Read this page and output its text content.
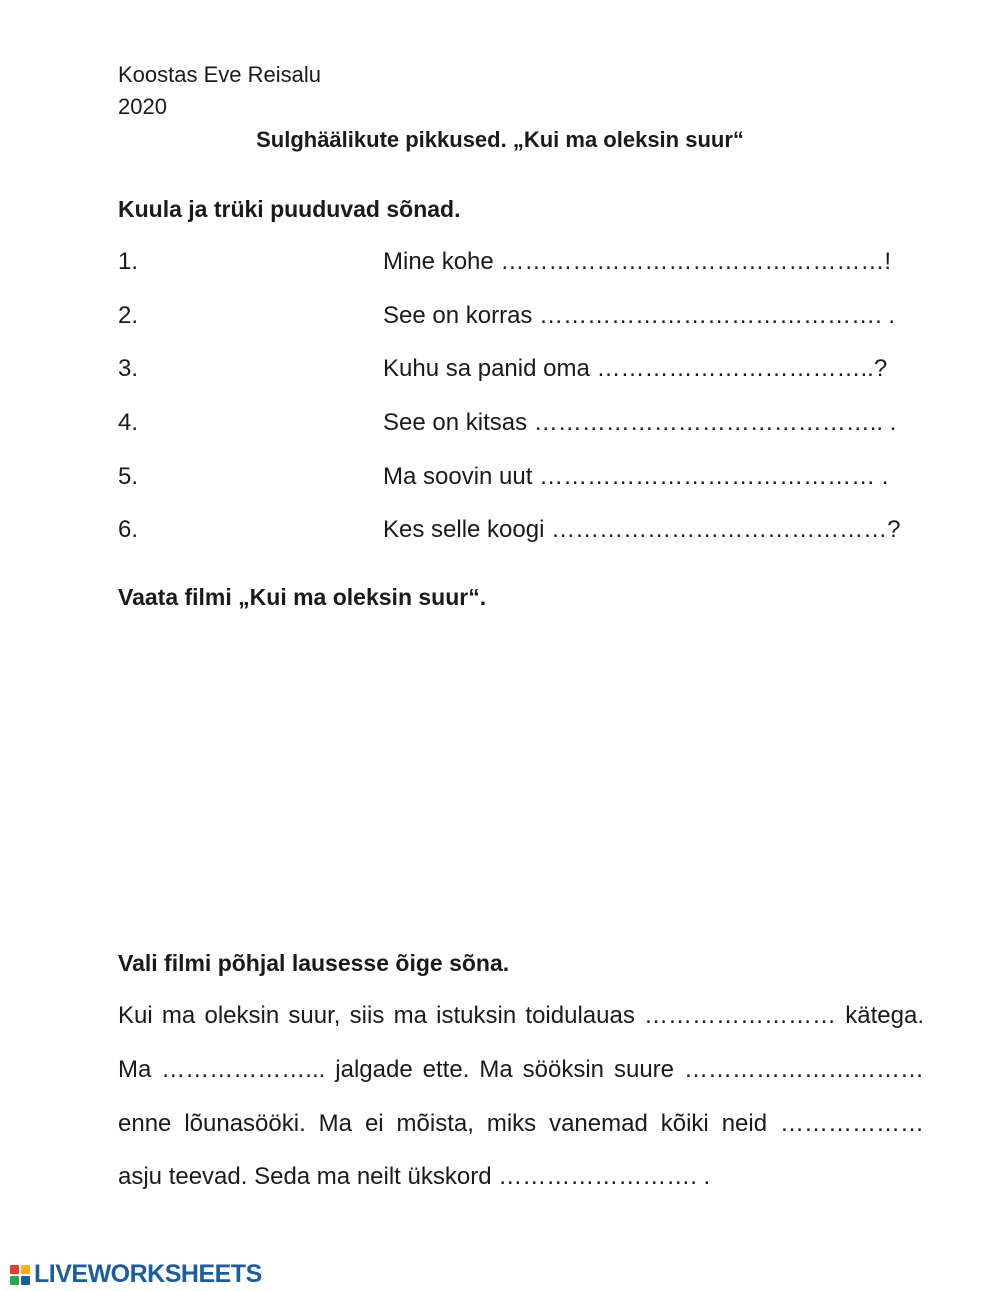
Koostas Eve Reisalu
2020
Sulghäälikute pikkused. „Kui ma oleksin suur“
Kuula ja trüki puuduvad sõnad.
1.	Mine kohe …………………………………………!
2.	See on korras ……………………………………. .
3.	Kuhu sa panid oma ……………………………..?
4.	See on kitsas …………………………………….. .
5.	Ma soovin uut …………………………………… .
6.	Kes selle koogi ……………………………………?
Vaata filmi „Kui ma oleksin suur“.
Vali filmi põhjal lausesse õige sõna.
Kui ma oleksin suur, siis ma istuksin toidulauas …………………… kätega.
Ma ………………... jalgade ette. Ma sööksin suure …………………………
enne lõunasööki. Ma ei mõista, miks vanemad kõiki neid ………………
asju teevad. Seda ma neilt ükskord ……………………. .
LIVEWORKSHEETS
